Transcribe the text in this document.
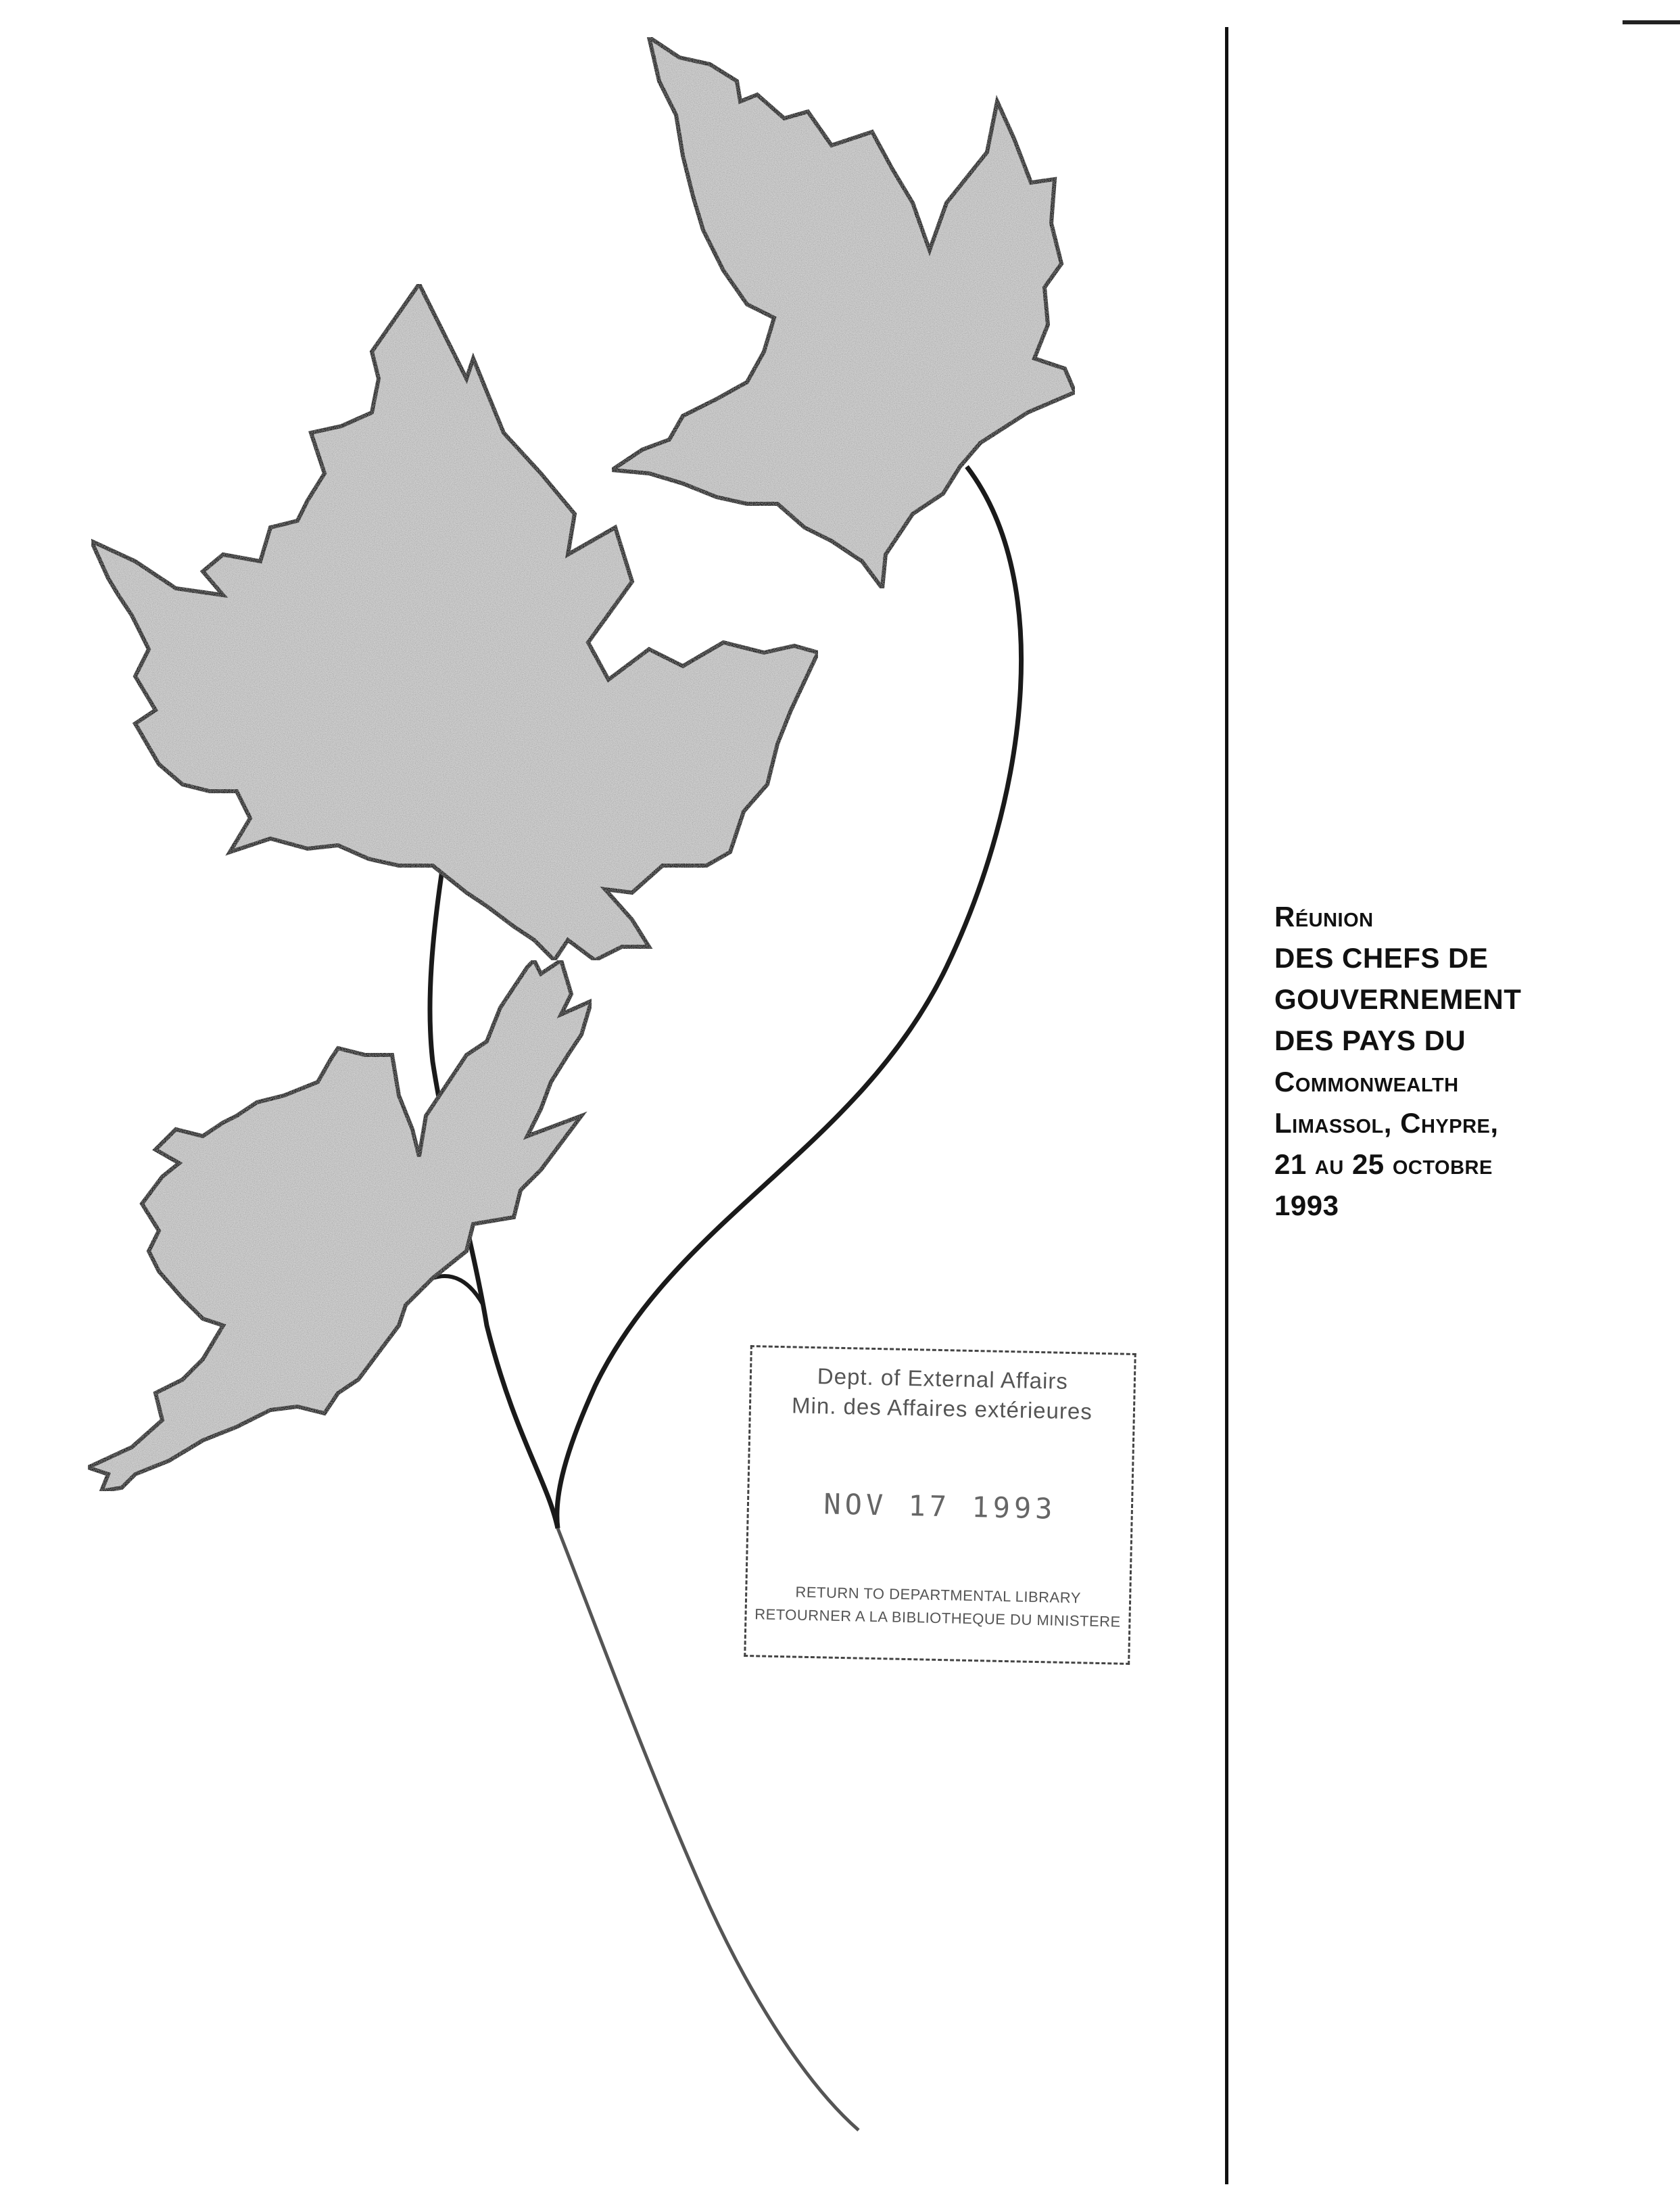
Réunion
DES CHEFS DE
GOUVERNEMENT
DES PAYS DU
Commonwealth
Limassol, Chypre,
21 au 25 octobre
1993
Dept. of External Affairs
Min. des Affaires extérieures
NOV 17 1993
RETURN TO DEPARTMENTAL LIBRARY
RETOURNER A LA BIBLIOTHEQUE DU MINISTERE
